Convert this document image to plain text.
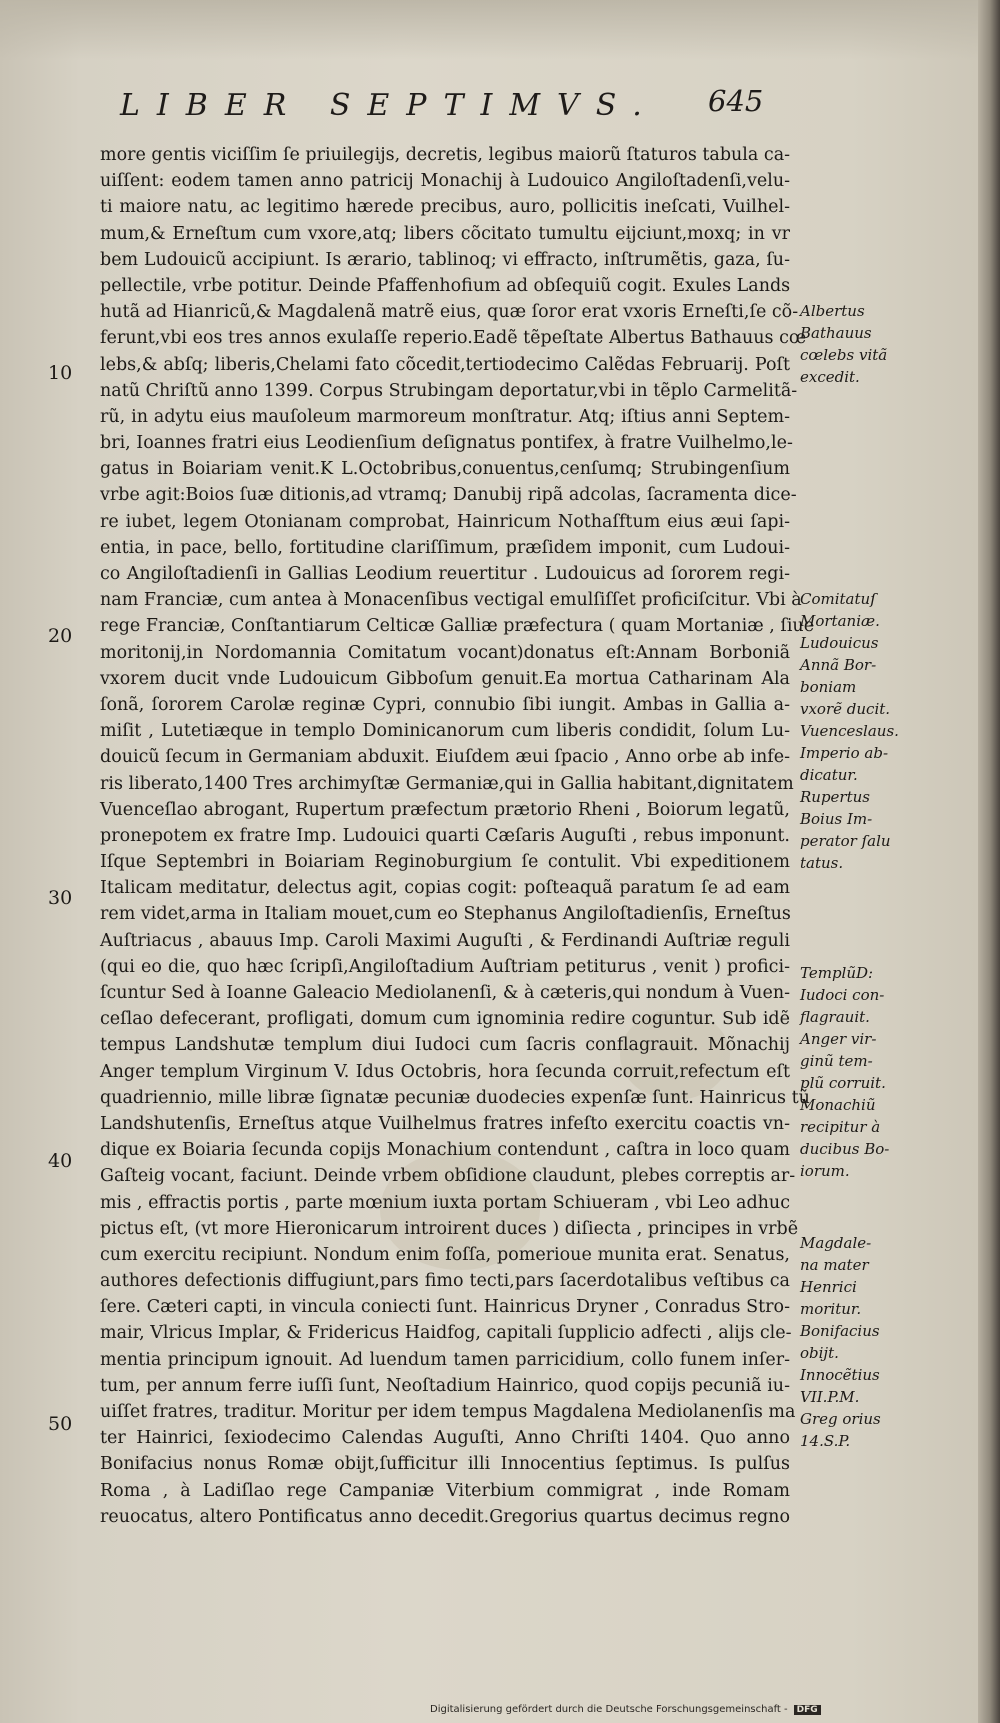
LIBER SEPTIMVS.	645
more gentis viciſſim ſe priuilegijs, decretis, legibus maiorũ ſtaturos tabula ca-
uiſſent: eodem tamen anno patricij Monachij à Ludouico Angiloſtadenſi,velu-
ti maiore natu, ac legitimo hærede precibus, auro, pollicitis ineſcati, Vuilhel-
mum,& Erneſtum cum vxore,atq; libers cõcitato tumultu eijciunt,moxq; in vr
bem Ludouicũ accipiunt. Is ærario, tablinoq; vi effracto, inſtrumẽtis, gaza, ſu-
pellectile, vrbe potitur. Deinde Pfaffenhofium ad obſequiũ cogit. Exules Lands
hutã ad Hianricũ,& Magdalenã matrẽ eius, quæ ſoror erat vxoris Erneſti,ſe cõ-
ferunt,vbi eos tres annos exulaſſe reperio.Eadẽ tẽpeſtate Albertus Bathauus cœ
lebs,& abſq; liberis,Chelami fato cõcedit,tertiodecimo Calẽdas Februarij. Poſt
natũ Chriſtũ anno 1399. Corpus Strubingam deportatur,vbi in tẽplo Carmelitã-
rũ, in adytu eius mauſoleum marmoreum monſtratur. Atq; iſtius anni Septem-
bri, Ioannes fratri eius Leodienſium deſignatus pontifex, à fratre Vuilhelmo,le-
gatus in Boiariam venit.K L.Octobribus,conuentus,cenſumq; Strubingenſium
vrbe agit:Boios ſuæ ditionis,ad vtramq; Danubij ripã adcolas, ſacramenta dice-
re iubet, legem Otonianam comprobat, Hainricum Nothaſftum eius æui ſapi-
entia, in pace, bello, fortitudine clariſſimum, præſidem imponit, cum Ludoui-
co Angiloſtadienſi in Gallias Leodium reuertitur . Ludouicus ad ſororem regi-
nam Franciæ, cum antea à Monacenſibus vectigal emulſiſſet proficiſcitur. Vbi à
rege Franciæ, Conſtantiarum Celticæ Galliæ præfectura ( quam Mortaniæ , ſiue
moritonij,in Nordomannia Comitatum vocant)donatus eſt:Annam Borboniã
vxorem ducit vnde Ludouicum Gibboſum genuit.Ea mortua Catharinam Ala
ſonã, ſororem Carolæ reginæ Cypri, connubio ſibi iungit. Ambas in Gallia a-
miſit , Lutetiæque in templo Dominicanorum cum liberis condidit, ſolum Lu-
douicũ ſecum in Germaniam abduxit. Eiuſdem æui ſpacio , Anno orbe ab infe-
ris liberato,1400 Tres archimyſtæ Germaniæ,qui in Gallia habitant,dignitatem
Vuenceſlao abrogant, Rupertum præfectum prætorio Rheni , Boiorum legatũ,
pronepotem ex fratre Imp. Ludouici quarti Cæſaris Auguſti , rebus imponunt.
Iſque Septembri in Boiariam Reginoburgium ſe contulit. Vbi expeditionem
Italicam meditatur, delectus agit, copias cogit: poſteaquã paratum ſe ad eam
rem videt,arma in Italiam mouet,cum eo Stephanus Angiloſtadienſis, Erneſtus
Auſtriacus , abauus Imp. Caroli Maximi Auguſti , & Ferdinandi Auſtriæ reguli
(qui eo die, quo hæc ſcripſi,Angiloſtadium Auſtriam petiturus , venit ) profici-
ſcuntur Sed à Ioanne Galeacio Mediolanenſi, & à cæteris,qui nondum à Vuen-
ceſlao defecerant, profligati, domum cum ignominia redire coguntur. Sub idẽ
tempus Landshutæ templum diui Iudoci cum ſacris conflagrauit. Mõnachij
Anger templum Virginum V. Idus Octobris, hora ſecunda corruit,refectum eſt
quadriennio, mille libræ ſignatæ pecuniæ duodecies expenſæ ſunt. Hainricus tũ
Landshutenſis, Erneſtus atque Vuilhelmus fratres infeſto exercitu coactis vn-
dique ex Boiaria ſecunda copijs Monachium contendunt , caſtra in loco quam
Gaſteig vocant, faciunt. Deinde vrbem obſidione claudunt, plebes correptis ar-
mis , effractis portis , parte mœnium iuxta portam Schiueram , vbi Leo adhuc
pictus eſt, (vt more Hieronicarum introirent duces ) diſiecta , principes in vrbẽ
cum exercitu recipiunt. Nondum enim foſſa, pomerioue munita erat. Senatus,
authores defectionis diffugiunt,pars fimo tecti,pars ſacerdotalibus veſtibus ca
ſere. Cæteri capti, in vincula coniecti ſunt. Hainricus Dryner , Conradus Stro-
mair, Vlricus Implar, & Fridericus Haidfog, capitali ſupplicio adfecti , alijs cle-
mentia principum ignouit. Ad luendum tamen parricidium, collo funem inſer-
tum, per annum ferre iuſſi ſunt, Neoſtadium Hainrico, quod copijs pecuniã iu-
uiſſet fratres, traditur. Moritur per idem tempus Magdalena Mediolanenſis ma
ter Hainrici, ſexiodecimo Calendas Auguſti, Anno Chriſti 1404. Quo anno
Bonifacius nonus Romæ obijt,ſufficitur illi Innocentius ſeptimus. Is pulſus
Roma , à Ladiſlao rege Campaniæ Viterbium commigrat , inde Romam
reuocatus, altero Pontificatus anno decedit.Gregorius quartus decimus regno
10
20
30
40
50
Albertus
Bathauus
cœlebs vitã
excedit.
Comitatuſ
Mortaniæ.
Ludouicus
Annã Bor-
boniam
vxorẽ ducit.
Vuenceslaus.
Imperio ab-
dicatur.
Rupertus
Boius Im-
perator ſalu
tatus.
TemplũD:
Iudoci con-
flagrauit.
Anger vir-
ginũ tem-
plũ corruit.
Monachiũ
recipitur à
ducibus Bo-
iorum.
Magdale-
na mater
Henrici
moritur.
Bonifacius
obijt.
Innocẽtius
VII.P.M.
Greg orius
14.S.P.
Digitalisierung gefördert durch die Deutsche Forschungsgemeinschaft - DFG
